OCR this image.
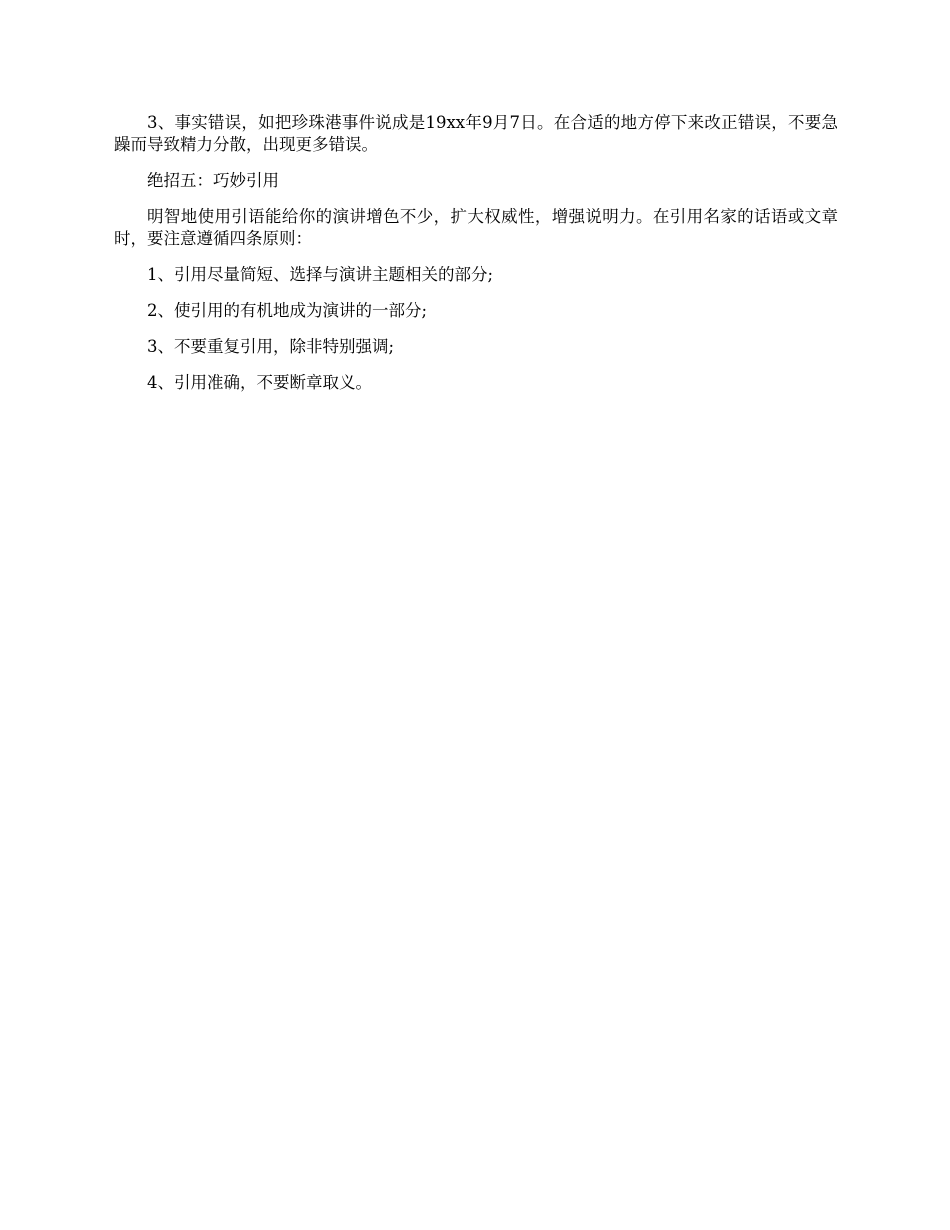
3、事实错误，如把珍珠港事件说成是19xx年9月7日。在合适的地方停下来改正错误，不要急躁而导致精力分散，出现更多错误。

绝招五：巧妙引用

明智地使用引语能给你的演讲增色不少，扩大权威性，增强说明力。在引用名家的话语或文章时，要注意遵循四条原则：

1、引用尽量简短、选择与演讲主题相关的部分;

2、使引用的有机地成为演讲的一部分;

3、不要重复引用，除非特别强调;

4、引用准确，不要断章取义。
